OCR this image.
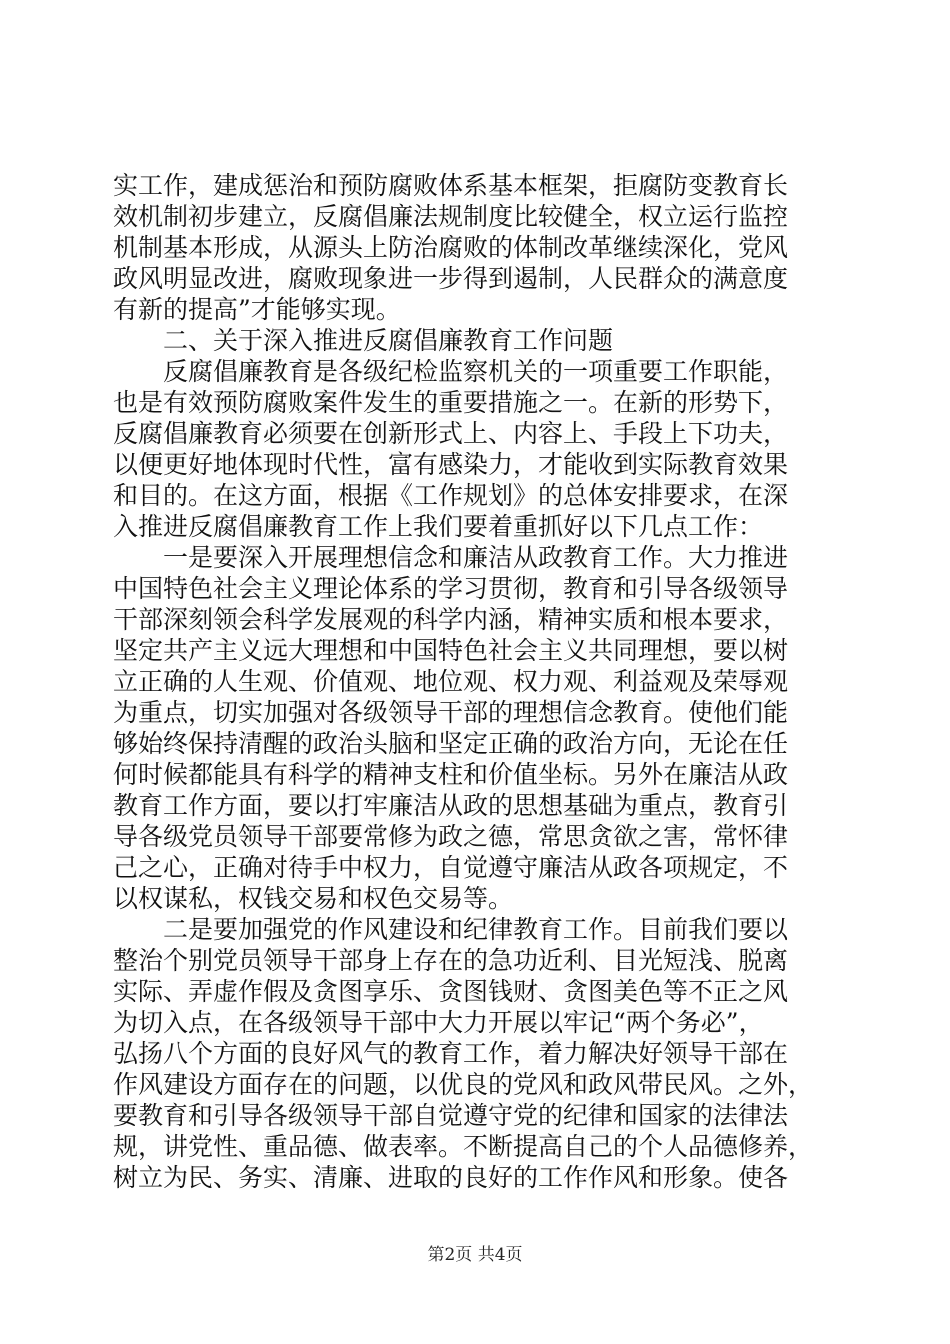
实工作，建成惩治和预防腐败体系基本框架，拒腐防变教育长
效机制初步建立，反腐倡廉法规制度比较健全，权立运行监控
机制基本形成，从源头上防治腐败的体制改革继续深化，党风
政风明显改进，腐败现象进一步得到遏制，人民群众的满意度
有新的提高”才能够实现。
　　二、关于深入推进反腐倡廉教育工作问题
　　反腐倡廉教育是各级纪检监察机关的一项重要工作职能，
也是有效预防腐败案件发生的重要措施之一。在新的形势下，
反腐倡廉教育必须要在创新形式上、内容上、手段上下功夫，
以便更好地体现时代性，富有感染力，才能收到实际教育效果
和目的。在这方面，根据《工作规划》的总体安排要求，在深
入推进反腐倡廉教育工作上我们要着重抓好以下几点工作：
　　一是要深入开展理想信念和廉洁从政教育工作。大力推进
中国特色社会主义理论体系的学习贯彻，教育和引导各级领导
干部深刻领会科学发展观的科学内涵，精神实质和根本要求，
坚定共产主义远大理想和中国特色社会主义共同理想，要以树
立正确的人生观、价值观、地位观、权力观、利益观及荣辱观
为重点，切实加强对各级领导干部的理想信念教育。使他们能
够始终保持清醒的政治头脑和坚定正确的政治方向，无论在任
何时候都能具有科学的精神支柱和价值坐标。另外在廉洁从政
教育工作方面，要以打牢廉洁从政的思想基础为重点，教育引
导各级党员领导干部要常修为政之德，常思贪欲之害，常怀律
己之心，正确对待手中权力，自觉遵守廉洁从政各项规定，不
以权谋私，权钱交易和权色交易等。
　　二是要加强党的作风建设和纪律教育工作。目前我们要以
整治个别党员领导干部身上存在的急功近利、目光短浅、脱离
实际、弄虚作假及贪图享乐、贪图钱财、贪图美色等不正之风
为切入点，在各级领导干部中大力开展以牢记“两个务必”，
弘扬八个方面的良好风气的教育工作，着力解决好领导干部在
作风建设方面存在的问题，以优良的党风和政风带民风。之外，
要教育和引导各级领导干部自觉遵守党的纪律和国家的法律法
规，讲党性、重品德、做表率。不断提高自己的个人品德修养，
树立为民、务实、清廉、进取的良好的工作作风和形象。使各
第2页 共4页
